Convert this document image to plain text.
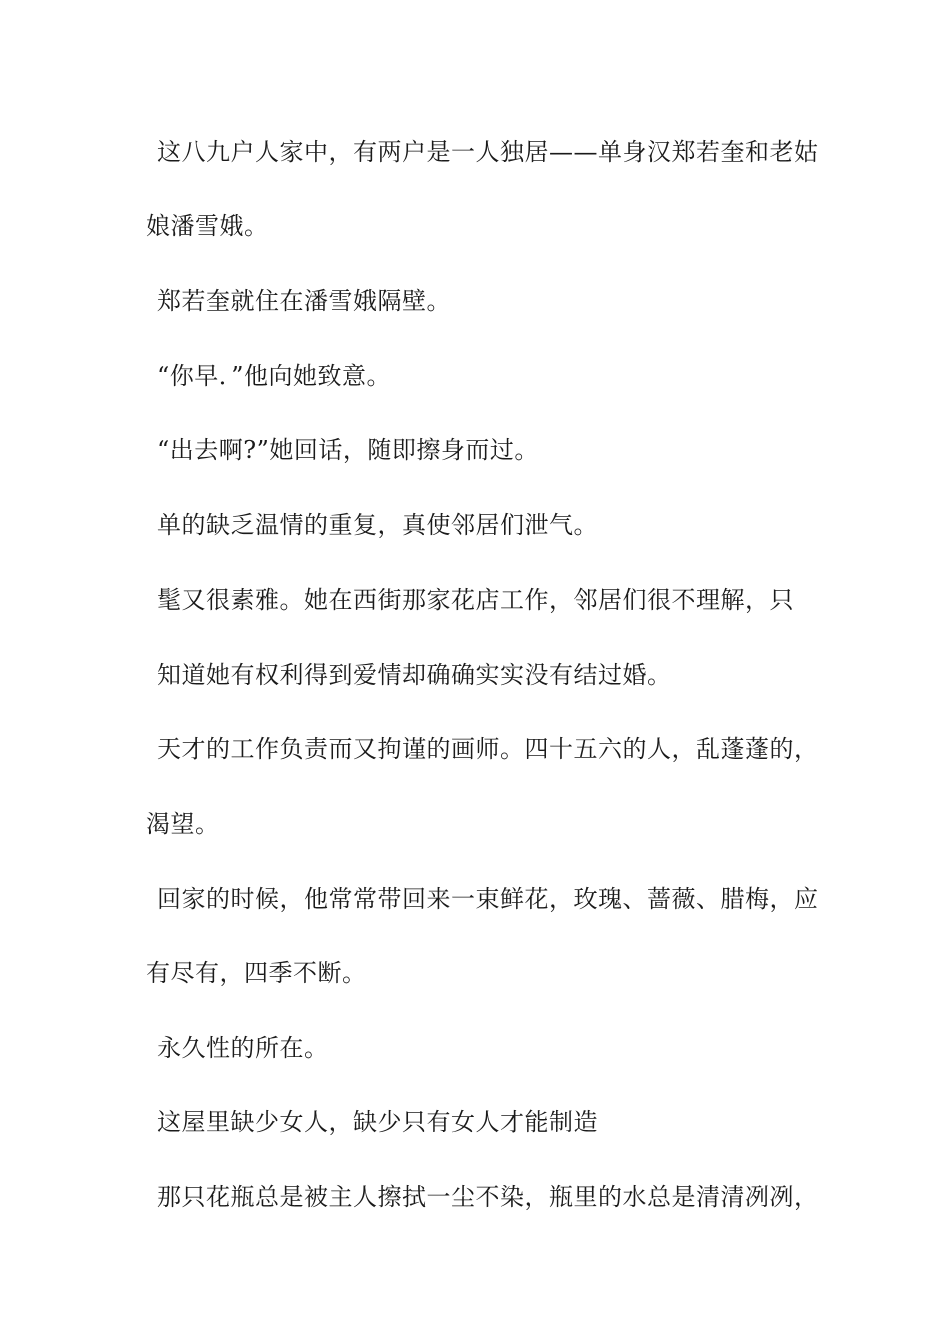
这八九户人家中，有两户是一人独居——单身汉郑若奎和老姑

娘潘雪娥。

郑若奎就住在潘雪娥隔壁。

“你早．”他向她致意。

“出去啊?”她回话，随即擦身而过。

单的缺乏温情的重复，真使邻居们泄气。

髦又很素雅。她在西街那家花店工作，邻居们很不理解，只

知道她有权利得到爱情却确确实实没有结过婚。

天才的工作负责而又拘谨的画师。四十五六的人，乱蓬蓬的，

渴望。

回家的时候，他常常带回来一束鲜花，玫瑰、蔷薇、腊梅，应

有尽有，四季不断。

永久性的所在。

这屋里缺少女人，缺少只有女人才能制造

那只花瓶总是被主人擦拭一尘不染，瓶里的水总是清清冽冽，
